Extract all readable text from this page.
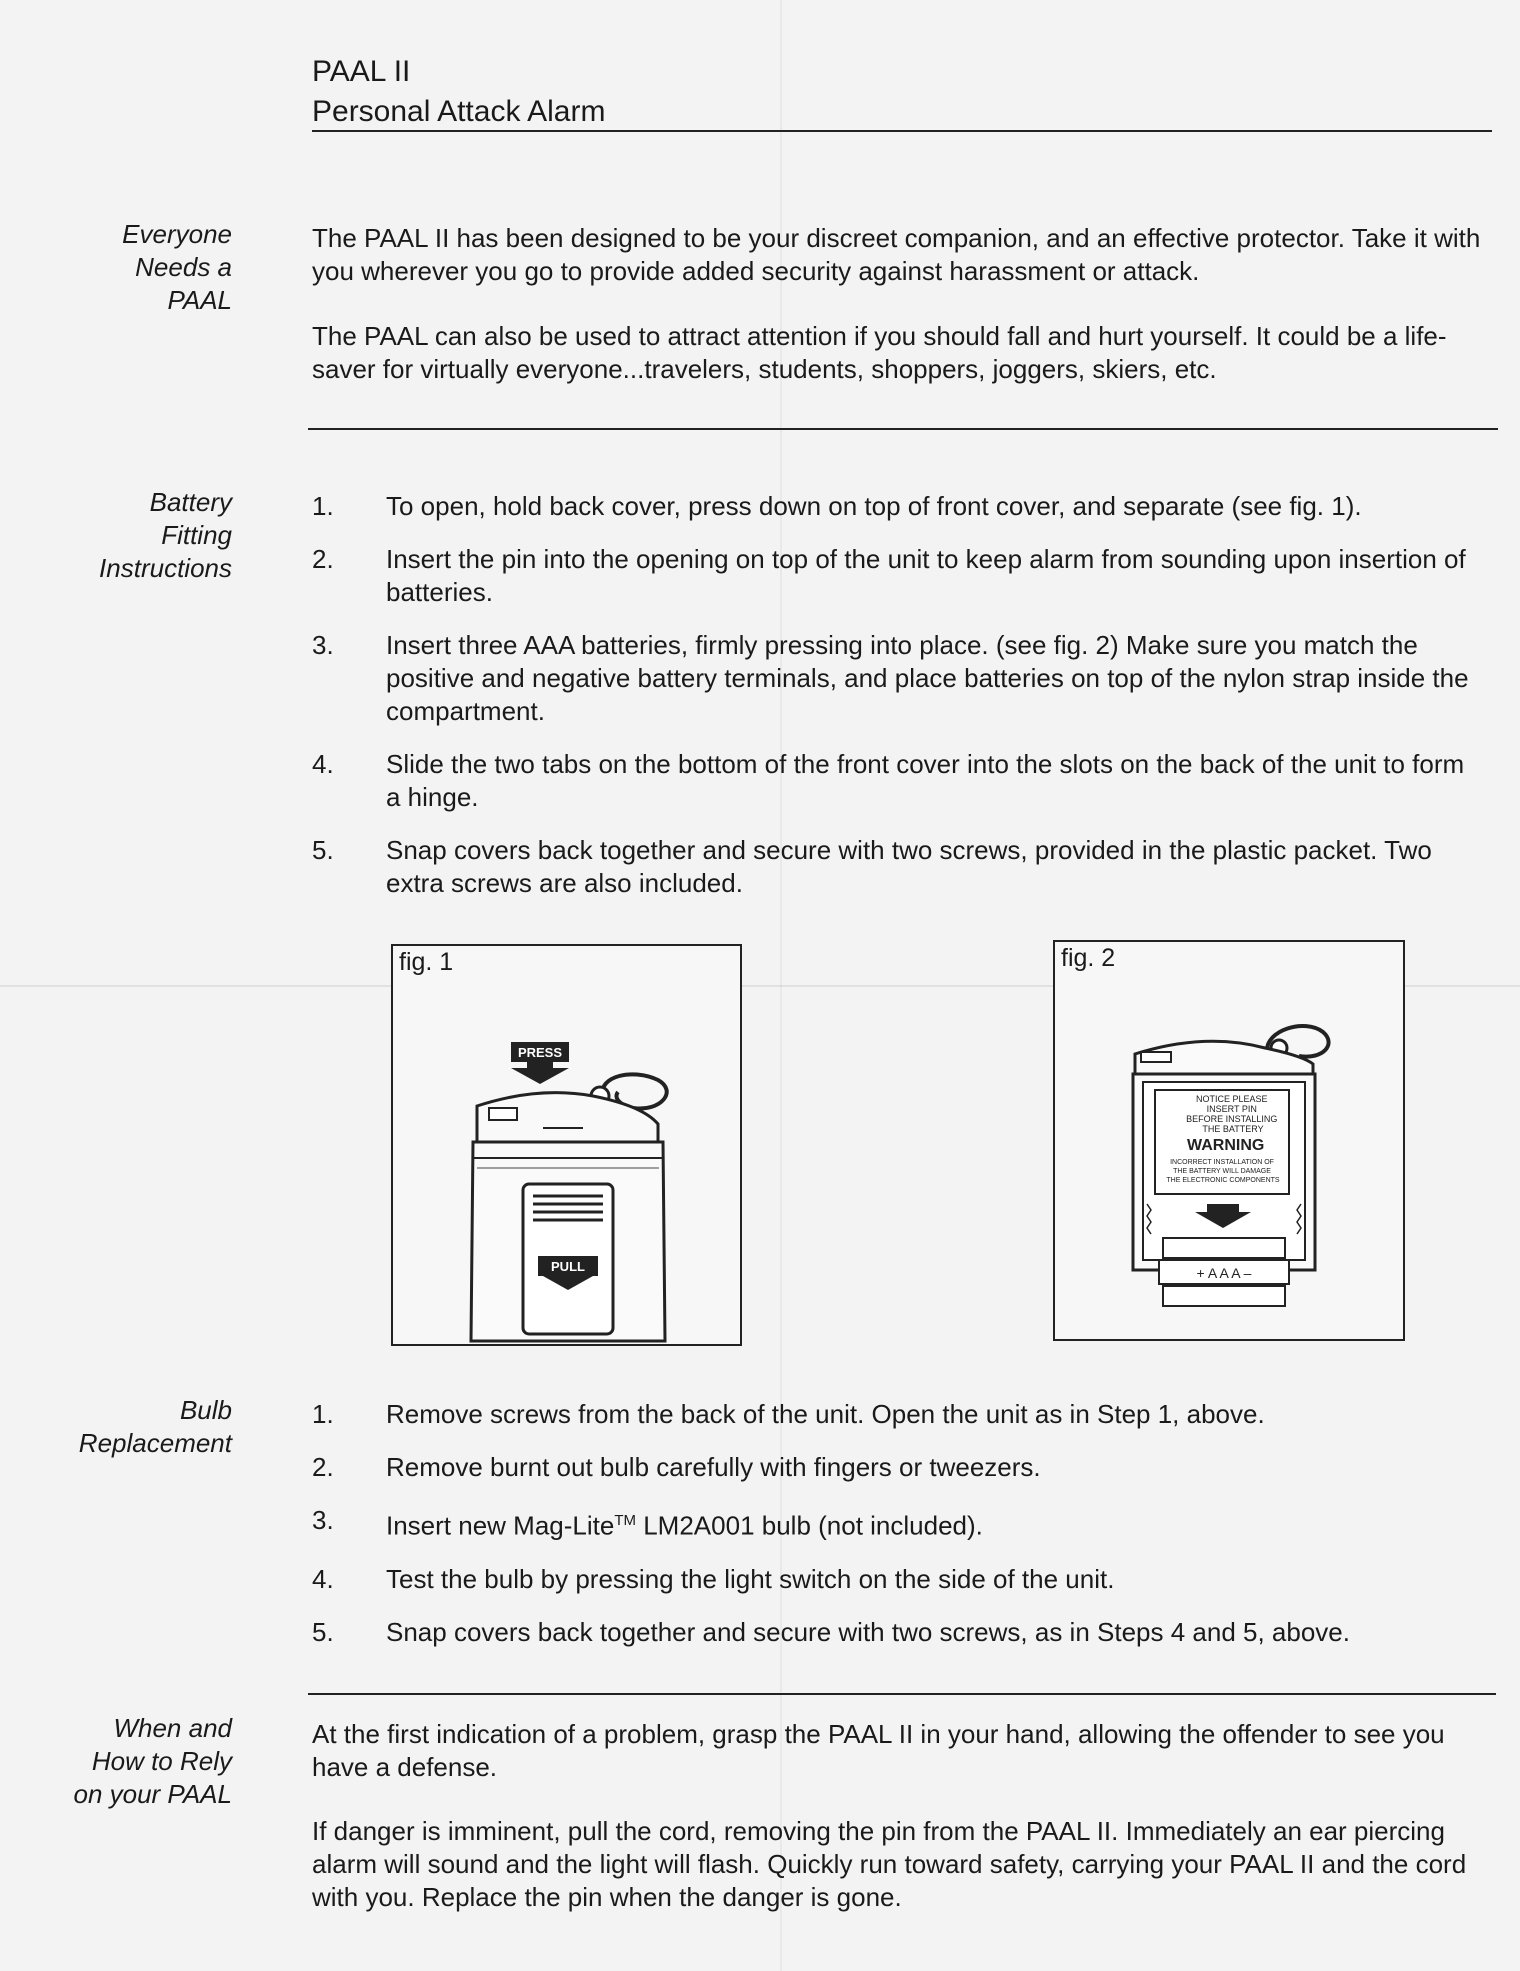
PAAL II
Personal Attack Alarm
Everyone
Needs a
PAAL

The PAAL II has been designed to be your discreet companion, and an effective protector. Take it with you wherever you go to provide added security against harassment or attack.

The PAAL can also be used to attract attention if you should fall and hurt yourself. It could be a life-saver for virtually everyone...travelers, students, shoppers, joggers, skiers, etc.

Battery
Fitting
Instructions
1. To open, hold back cover, press down on top of front cover, and separate (see fig. 1).
2. Insert the pin into the opening on top of the unit to keep alarm from sounding upon insertion of batteries.
3. Insert three AAA batteries, firmly pressing into place. (see fig. 2) Make sure you match the positive and negative battery terminals, and place batteries on top of the nylon strap inside the compartment.
4. Slide the two tabs on the bottom of the front cover into the slots on the back of the unit to form a hinge.
5. Snap covers back together and secure with two screws, provided in the plastic packet. Two extra screws are also included.
PRESS
PULL
fig. 1
NOTICE PLEASE INSERT PIN BEFORE INSTALLING THE BATTERY
WARNING
INCORRECT INSTALLATION OF THE BATTERY WILL DAMAGE THE ELECTRONIC COMPONENTS
+ A A A –
fig. 2
Bulb
Replacement
1. Remove screws from the back of the unit. Open the unit as in Step 1, above.
2. Remove burnt out bulb carefully with fingers or tweezers.
3. Insert new Mag-Lite™ LM2A001 bulb (not included).
4. Test the bulb by pressing the light switch on the side of the unit.
5. Snap covers back together and secure with two screws, as in Steps 4 and 5, above.
When and
How to Rely
on your PAAL

At the first indication of a problem, grasp the PAAL II in your hand, allowing the offender to see you have a defense.

If danger is imminent, pull the cord, removing the pin from the PAAL II. Immediately an ear piercing alarm will sound and the light will flash. Quickly run toward safety, carrying your PAAL II and the cord with you. Replace the pin when the danger is gone.
